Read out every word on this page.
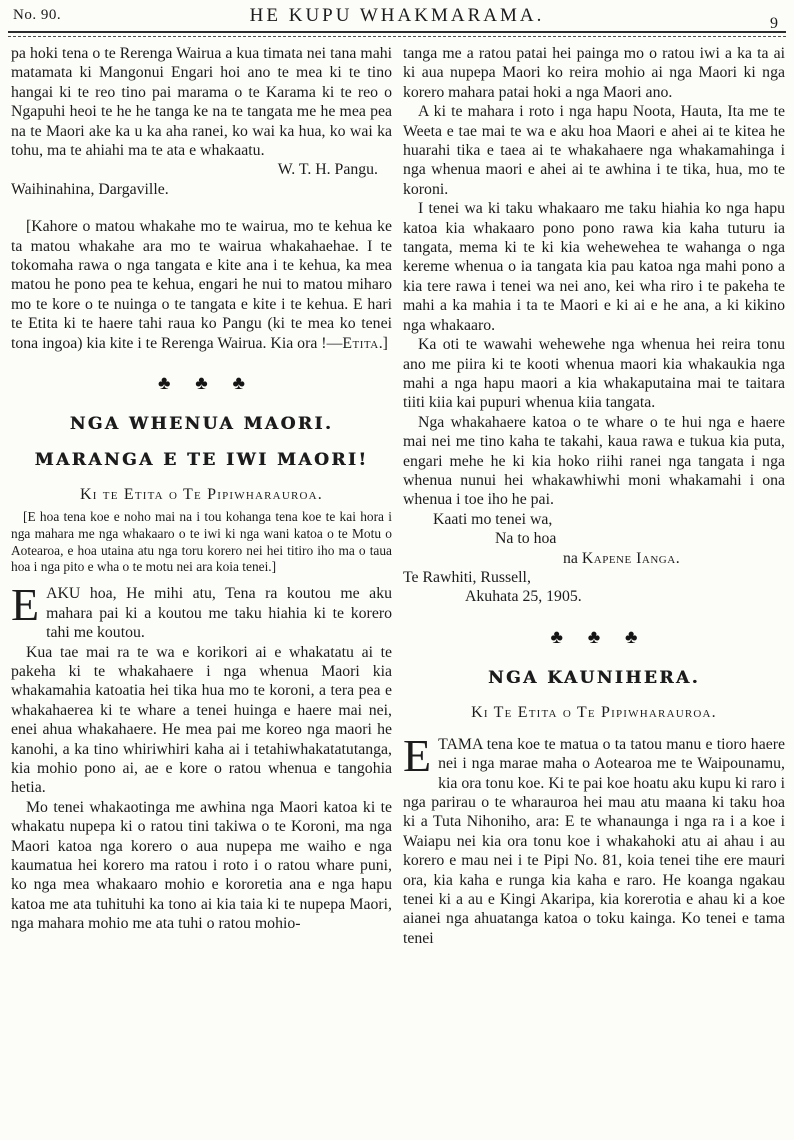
No. 90.	HE KUPU WHAKMARAMA.	9

pa hoki tena o te Rerenga Wairua a kua timata nei tana mahi matamata ki Mangonui Engari hoi ano te mea ki te tino hangai ki te reo tino pai marama o te Karama ki te reo o Ngapuhi heoi te he he tanga ke na te tangata me he mea pea na te Maori ake ka u ka aha ranei, ko wai ka hua, ko wai ka tohu, ma te ahiahi ma te ata e whakaatu.

W. T. H. Pangu.

Waihinahina, Dargaville.

[Kahore o matou whakahe mo te wairua, mo te kehua ke ta matou whakahe ara mo te wairua whakahaehae. I te tokomaha rawa o nga tangata e kite ana i te kehua, ka mea matou he pono pea te kehua, engari he nui to matou miharo mo te kore o te nuinga o te tangata e kite i te kehua. E hari te Etita ki te haere tahi raua ko Pangu (ki te mea ko tenei tona ingoa) kia kite i te Rerenga Wairua. Kia ora !—Etita.]

♣ ♣ ♣
NGA WHENUA MAORI.
MARANGA E TE IWI MAORI!
Ki te Etita o Te Pipiwharauroa.

[E hoa tena koe e noho mai na i tou kohanga tena koe te kai hora i nga mahara me nga whakaaro o te iwi ki nga wani katoa o te Motu o Aotearoa, e hoa utaina atu nga toru korero nei hei titiro iho ma o taua hoa i nga pito e wha o te motu nei ara koia tenei.]

EAKU hoa, He mihi atu, Tena ra koutou me aku mahara pai ki a koutou me taku hiahia ki te korero tahi me koutou.

Kua tae mai ra te wa e korikori ai e whakatatu ai te pakeha ki te whakahaere i nga whenua Maori kia whakamahia katoatia hei tika hua mo te koroni, a tera pea e whakahaerea ki te whare a tenei huinga e haere mai nei, enei ahua whakahaere. He mea pai me koreo nga maori he kanohi, a ka tino whiriwhiri kaha ai i tetahiwhakatatutanga, kia mohio pono ai, ae e kore o ratou whenua e tangohia hetia.

Mo tenei whakaotinga me awhina nga Maori katoa ki te whakatu nupepa ki o ratou tini takiwa o te Koroni, ma nga Maori katoa nga korero o aua nupepa me waiho e nga kaumatua hei korero ma ratou i roto i o ratou whare puni, ko nga mea whakaaro mohio e kororetia ana e nga hapu katoa me ata tuhituhi ka tono ai kia taia ki te nupepa Maori, nga mahara mohio me ata tuhi o ratou mohio-

tanga me a ratou patai hei painga mo o ratou iwi a ka ta ai ki aua nupepa Maori ko reira mohio ai nga Maori ki nga korero mahara patai hoki a nga Maori ano.

A ki te mahara i roto i nga hapu Noota, Hauta, Ita me te Weeta e tae mai te wa e aku hoa Maori e ahei ai te kitea he huarahi tika e taea ai te whakahaere nga whakamahinga i nga whenua maori e ahei ai te awhina i te tika, hua, mo te koroni.

I tenei wa ki taku whakaaro me taku hiahia ko nga hapu katoa kia whakaaro pono pono rawa kia kaha tuturu ia tangata, mema ki te ki kia wehewehea te wahanga o nga kereme whenua o ia tangata kia pau katoa nga mahi pono a kia tere rawa i tenei wa nei ano, kei wha riro i te pakeha te mahi a ka mahia i ta te Maori e ki ai e he ana, a ki kikino nga whakaaro.

Ka oti te wawahi wehewehe nga whenua hei reira tonu ano me piira ki te kooti whenua maori kia whakaukia nga mahi a nga hapu maori a kia whakaputaina mai te taitara tiiti kiia kai pupuri whenua kiia tangata.

Nga whakahaere katoa o te whare o te hui nga e haere mai nei me tino kaha te takahi, kaua rawa e tukua kia puta, engari mehe he ki kia hoko riihi ranei nga tangata i nga whenua nunui hei whakawhiwhi moni whakamahi i ona whenua i toe iho he pai.

Kaati mo tenei wa,

Na to hoa

na Kapene Ianga.

Te Rawhiti, Russell,

Akuhata 25, 1905.

♣ ♣ ♣
NGA KAUNIHERA.
Ki Te Etita o Te Pipiwharauroa.

ETAMA tena koe te matua o ta tatou manu e tioro haere nei i nga marae maha o Aotearoa me te Waipounamu, kia ora tonu koe. Ki te pai koe hoatu aku kupu ki raro i nga parirau o te wharauroa hei mau atu maana ki taku hoa ki a Tuta Nihoniho, ara: E te whanaunga i nga ra i a koe i Waiapu nei kia ora tonu koe i whakahoki atu ai ahau i au korero e mau nei i te Pipi No. 81, koia tenei tihe ere mauri ora, kia kaha e runga kia kaha e raro. He koanga ngakau tenei ki a au e Kingi Akaripa, kia korerotia e ahau ki a koe aianei nga ahuatanga katoa o toku kainga. Ko tenei e tama tenei
